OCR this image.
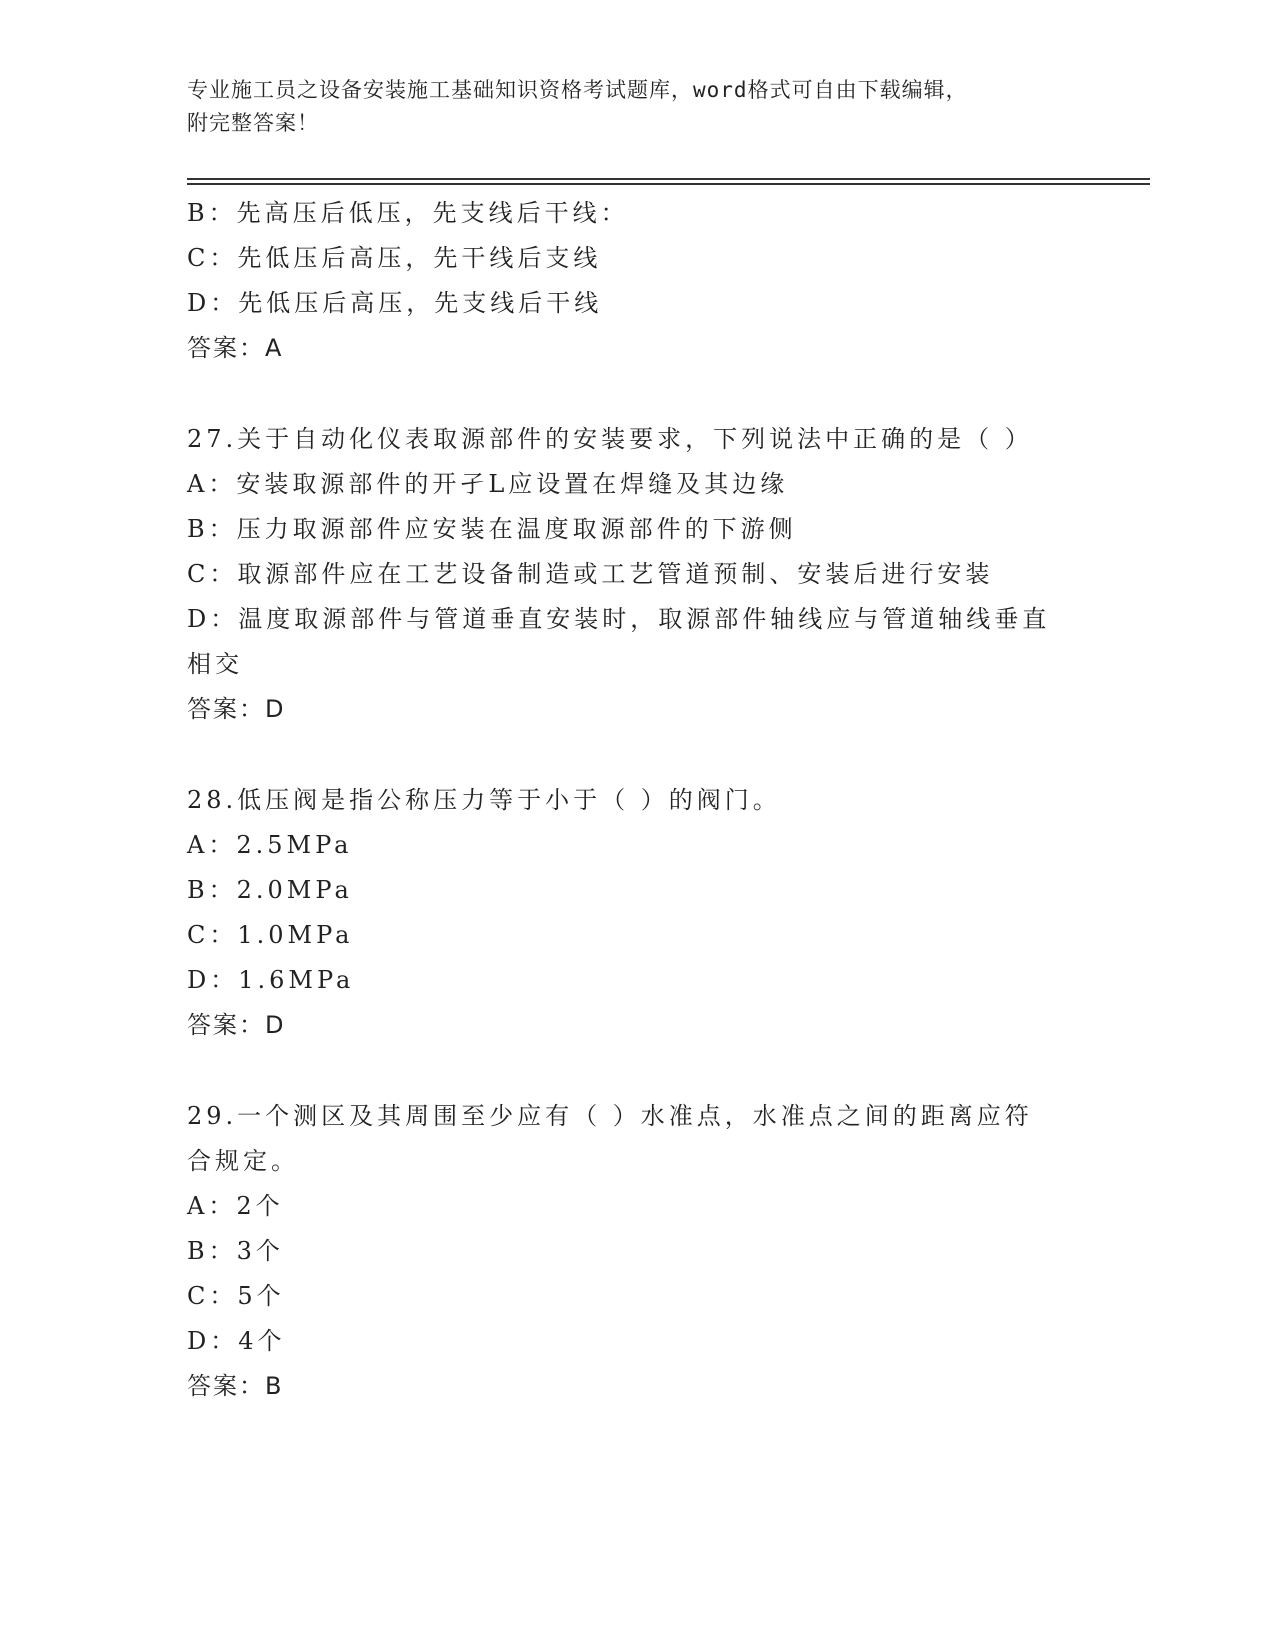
专业施工员之设备安装施工基础知识资格考试题库，word格式可自由下载编辑，
附完整答案！
B：先高压后低压，先支线后干线：
C：先低压后高压，先干线后支线
D：先低压后高压，先支线后干线
答案：A
27.关于自动化仪表取源部件的安装要求，下列说法中正确的是（ ）
A：安装取源部件的开孑L应设置在焊缝及其边缘
B：压力取源部件应安装在温度取源部件的下游侧
C：取源部件应在工艺设备制造或工艺管道预制、安装后进行安装
D：温度取源部件与管道垂直安装时，取源部件轴线应与管道轴线垂直
相交
答案：D
28.低压阀是指公称压力等于小于（ ）的阀门。
A：2.5MPa
B：2.0MPa
C：1.0MPa
D：1.6MPa
答案：D
29.一个测区及其周围至少应有（ ）水准点，水准点之间的距离应符
合规定。
A：2个
B：3个
C：5个
D：4个
答案：B
